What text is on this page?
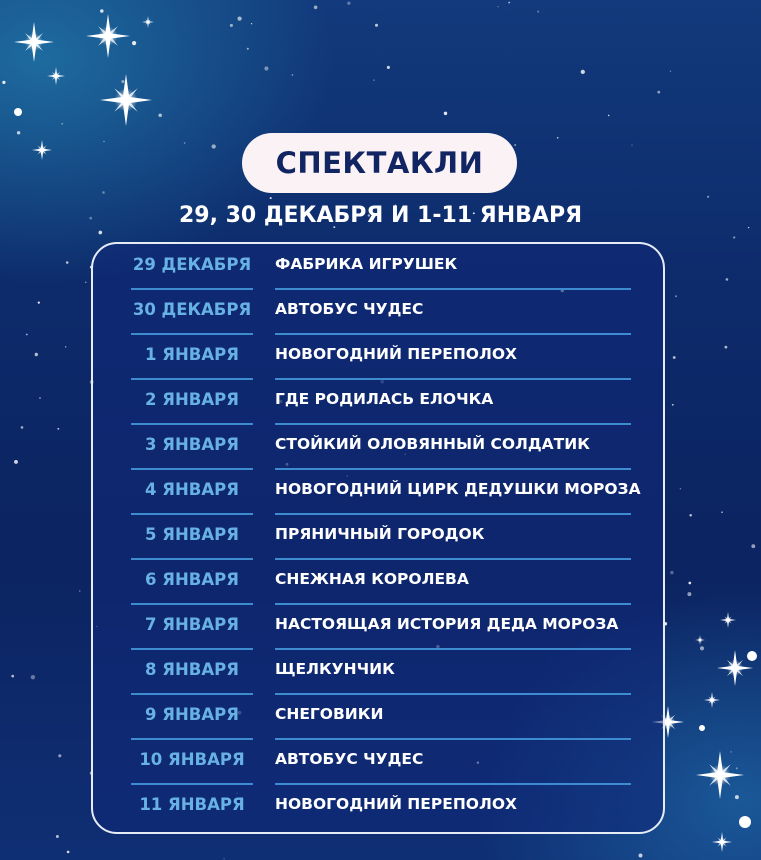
СПЕКТАКЛИ
29, 30 ДЕКАБРЯ И 1-11 ЯНВАРЯ
29 ДЕКАБРЯ ФАБРИКА ИГРУШЕК
30 ДЕКАБРЯ АВТОБУС ЧУДЕС
1 ЯНВАРЯ	НОВОГОДНИЙ ПЕРЕПОЛОХ
2 ЯНВАРЯ	ГДЕ РОДИЛАСЬ ЕЛОЧКА
3 ЯНВАРЯ	СТОЙКИЙ ОЛОВЯННЫЙ СОЛДАТИК
4 ЯНВАРЯ	НОВОГОДНИЙ ЦИРК ДЕДУШКИ МОРОЗА
5 ЯНВАРЯ	ПРЯНИЧНЫЙ ГОРОДОК
6 ЯНВАРЯ	СНЕЖНАЯ КОРОЛЕВА
7 ЯНВАРЯ	НАСТОЯЩАЯ ИСТОРИЯ ДЕДА МОРОЗА
8 ЯНВАРЯ	ЩЕЛКУНЧИК
9 ЯНВАРЯ	СНЕГОВИКИ
10 ЯНВАРЯ	АВТОБУС ЧУДЕС
11 ЯНВАРЯ	НОВОГОДНИЙ ПЕРЕПОЛОХ
